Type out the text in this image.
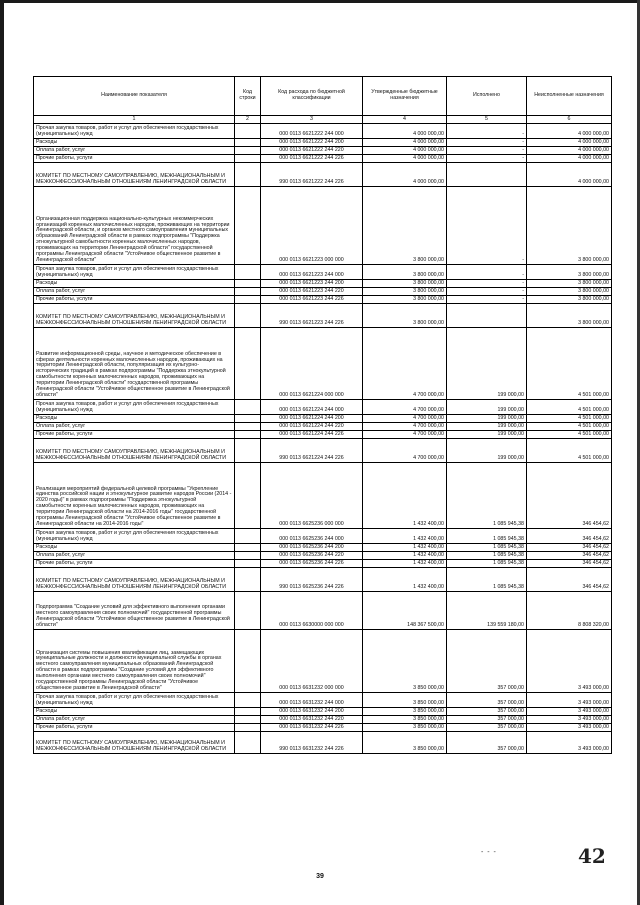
Наименование показателя	Код строки	Код расхода по бюджетной классификации	Утвержденные бюджетные назначения	Исполнено	Неисполненные назначения
1	2	3	4	5	6
Прочая закупка товаров, работ и услуг для обеспечения государственных (муниципальных) нужд		000 0113 6621222 244 000	4 000 000,00	-	4 000 000,00
Расходы		000 0113 6621222 244 200	4 000 000,00	-	4 000 000,00
Оплата работ, услуг		000 0113 6621222 244 220	4 000 000,00	-	4 000 000,00
Прочие работы, услуги		000 0113 6621222 244 226	4 000 000,00	-	4 000 000,00
КОМИТЕТ ПО МЕСТНОМУ САМОУПРАВЛЕНИЮ, МЕЖНАЦИОНАЛЬНЫМ И МЕЖКОНФЕССИОНАЛЬНЫМ ОТНОШЕНИЯМ ЛЕНИНГРАДСКОЙ ОБЛАСТИ		990 0113 6621222 244 226	4 000 000,00		4 000 000,00
Организационная поддержка национально-культурных некоммерческих организаций коренных малочисленных народов, проживающих на территории Ленинградской области, и органов местного самоуправления муниципальных образований Ленинградской области в рамках подпрограммы "Поддержка этнокультурной самобытности коренных малочисленных народов, проживающих на территории Ленинградской области" государственной программы Ленинградской области "Устойчивое общественное развитие в Ленинградской области"		000 0113 6621223 000 000	3 800 000,00	-	3 800 000,00
Прочая закупка товаров, работ и услуг для обеспечения государственных (муниципальных) нужд		000 0113 6621223 244 000	3 800 000,00	-	3 800 000,00
Расходы		000 0113 6621223 244 200	3 800 000,00	-	3 800 000,00
Оплата работ, услуг		000 0113 6621223 244 220	3 800 000,00	-	3 800 000,00
Прочие работы, услуги		000 0113 6621223 244 226	3 800 000,00	-	3 800 000,00
КОМИТЕТ ПО МЕСТНОМУ САМОУПРАВЛЕНИЮ, МЕЖНАЦИОНАЛЬНЫМ И МЕЖКОНФЕССИОНАЛЬНЫМ ОТНОШЕНИЯМ ЛЕНИНГРАДСКОЙ ОБЛАСТИ		990 0113 6621223 244 226	3 800 000,00		3 800 000,00
Развитие информационной среды, научное и методическое обеспечение в сферах деятельности коренных малочисленных народов, проживающих на территории Ленинградской области, популяризация их культурно-исторических традиций в рамках подпрограммы "Поддержка этнокультурной самобытности коренных малочисленных народов, проживающих на территории Ленинградской области" государственной программы Ленинградской области "Устойчивое общественное развитие в Ленинградской области"		000 0113 6621224 000 000	4 700 000,00	199 000,00	4 501 000,00
Прочая закупка товаров, работ и услуг для обеспечения государственных (муниципальных) нужд		000 0113 6621224 244 000	4 700 000,00	199 000,00	4 501 000,00
Расходы		000 0113 6621224 244 200	4 700 000,00	199 000,00	4 501 000,00
Оплата работ, услуг		000 0113 6621224 244 220	4 700 000,00	199 000,00	4 501 000,00
Прочие работы, услуги		000 0113 6621224 244 226	4 700 000,00	199 000,00	4 501 000,00
КОМИТЕТ ПО МЕСТНОМУ САМОУПРАВЛЕНИЮ, МЕЖНАЦИОНАЛЬНЫМ И МЕЖКОНФЕССИОНАЛЬНЫМ ОТНОШЕНИЯМ ЛЕНИНГРАДСКОЙ ОБЛАСТИ		990 0113 6621224 244 226	4 700 000,00	199 000,00	4 501 000,00
Реализация мероприятий федеральной целевой программы "Укрепление единства российской нации и этнокультурное развитие народов России (2014 - 2020 годы)" в рамках подпрограммы "Поддержка этнокультурной самобытности коренных малочисленных народов, проживающих на территории Ленинградской области на 2014-2016 годы" государственной программы Ленинградской области "Устойчивое общественное развитие в Ленинградской области на 2014-2016 годы"		000 0113 6625236 000 000	1 432 400,00	1 085 945,38	346 454,62
Прочая закупка товаров, работ и услуг для обеспечения государственных (муниципальных) нужд		000 0113 6625236 244 000	1 432 400,00	1 085 945,38	346 454,62
Расходы		000 0113 6625236 244 200	1 432 400,00	1 085 945,38	346 454,62
Оплата работ, услуг		000 0113 6625236 244 220	1 432 400,00	1 085 945,38	346 454,62
Прочие работы, услуги		000 0113 6625236 244 226	1 432 400,00	1 085 945,38	346 454,62
КОМИТЕТ ПО МЕСТНОМУ САМОУПРАВЛЕНИЮ, МЕЖНАЦИОНАЛЬНЫМ И МЕЖКОНФЕССИОНАЛЬНЫМ ОТНОШЕНИЯМ ЛЕНИНГРАДСКОЙ ОБЛАСТИ		990 0113 6625236 244 226	1 432 400,00	1 085 945,38	346 454,62
Подпрограмма "Создание условий для эффективного выполнения органами местного самоуправления своих полномочий" государственной программы Ленинградской области "Устойчивое общественное развитие в Ленинградской области"		000 0113 6630000 000 000	148 367 500,00	139 559 180,00	8 808 320,00
Организация системы повышения квалификации лиц, замещающих муниципальные должности и должности муниципальной службы в органах местного самоуправления муниципальных образований Ленинградской области в рамках подпрограммы "Создание условий для эффективного выполнения органами местного самоуправления своих полномочий" государственной программы Ленинградской области "Устойчивое общественное развитие в Ленинградской области"		000 0113 6631232 000 000	3 850 000,00	357 000,00	3 493 000,00
Прочая закупка товаров, работ и услуг для обеспечения государственных (муниципальных) нужд		000 0113 6631232 244 000	3 850 000,00	357 000,00	3 493 000,00
Расходы		000 0113 6631232 244 200	3 850 000,00	357 000,00	3 493 000,00
Оплата работ, услуг		000 0113 6631232 244 220	3 850 000,00	357 000,00	3 493 000,00
Прочие работы, услуги		000 0113 6631232 244 226	3 850 000,00	357 000,00	3 493 000,00
КОМИТЕТ ПО МЕСТНОМУ САМОУПРАВЛЕНИЮ, МЕЖНАЦИОНАЛЬНЫМ И МЕЖКОНФЕССИОНАЛЬНЫМ ОТНОШЕНИЯМ ЛЕНИНГРАДСКОЙ ОБЛАСТИ		990 0113 6631232 244 226	3 850 000,00	357 000,00	3 493 000,00
- - -	42
39
